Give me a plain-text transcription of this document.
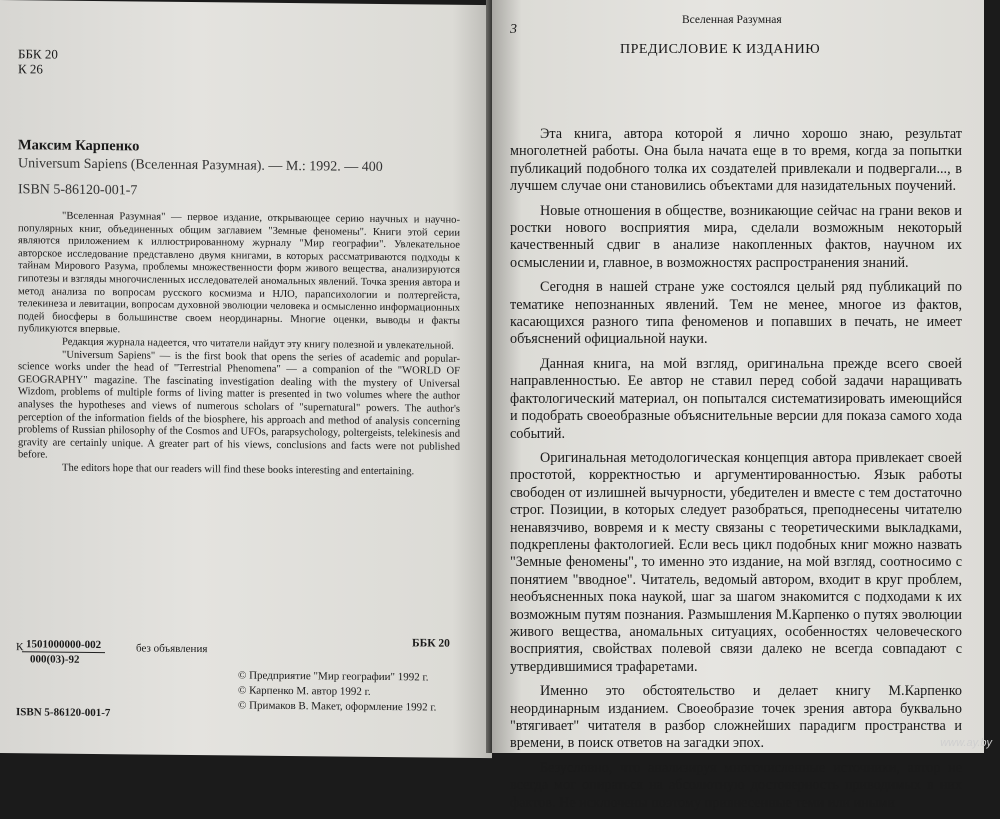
ББК 20
К 26
Максим Карпенко
Universum Sapiens (Вселенная Разумная). — М.: 1992. — 400
ISBN 5-86120-001-7

"Вселенная Разумная" — первое издание, открывающее серию научных и научно-популярных книг, объединенных общим заглавием "Земные феномены". Книги этой серии являются приложением к иллюстрированному журналу "Мир географии". Увлекательное авторское исследование представлено двумя книгами, в которых рассматриваются подходы к тайнам Мирового Разума, проблемы множественности форм живого вещества, анализируются гипотезы и взгляды многочисленных исследователей аномальных явлений. Точка зрения автора и метод анализа по вопросам русского космизма и НЛО, парапсихологии и полтергейста, телекинеза и левитации, вопросам духовной эволюции человека и осмысленно информационных подей биосферы в большинстве своем неординарны. Многие оценки, выводы и факты публикуются впервые.

Редакция журнала надеется, что читатели найдут эту книгу полезной и увлекательной.

"Universum Sapiens" — is the first book that opens the series of academic and popular-science works under the head of "Terrestrial Phenomena" — a companion of the "WORLD OF GEOGRAPHY" magazine. The fascinating investigation dealing with the mystery of Universal Wizdom, problems of multiple forms of living matter is presented in two volumes where the author analyses the hypotheses and views of numerous scholars of "supernatural" powers. The author's perception of the information fields of the biosphere, his approach and method of analysis concerning problems of Russian philosophy of the Cosmos and UFOs, parapsychology, poltergeists, telekinesis and gravity are certainly unique. A greater part of his views, conclusions and facts were not published before.

The editors hope that our readers will find these books interesting and entertaining.

ББК 20
К
$\frac{1501000000-002}{000(03)-92}$	без объявления
© Предприятие "Мир географии" 1992 г.
© Карпенко М. автор 1992 г.
© Примаков В. Макет, оформление 1992 г.
ISBN 5-86120-001-7
3
Вселенная Разумная
ПРЕДИСЛОВИЕ К ИЗДАНИЮ

Эта книга, автора которой я лично хорошо знаю, результат многолетней работы. Она была начата еще в то время, когда за попытки публикаций подобного толка их создателей привлекали и подвергали..., в лучшем случае они становились объектами для назидательных поучений.

Новые отношения в обществе, возникающие сейчас на грани веков и ростки нового восприятия мира, сделали возможным некоторый качественный сдвиг в анализе накопленных фактов, научном их осмыслении и, главное, в возможностях распространения знаний.

Сегодня в нашей стране уже состоялся целый ряд публикаций по тематике непознанных явлений. Тем не менее, многое из фактов, касающихся разного типа феноменов и попавших в печать, не имеет объяснений официальной науки.

Данная книга, на мой взгляд, оригинальна прежде всего своей направленностью. Ее автор не ставил перед собой задачи наращивать фактологический материал, он попытался систематизировать имеющийся и подобрать своеобразные объяснительные версии для показа самого хода событий.

Оригинальная методологическая концепция автора привлекает своей простотой, корректностью и аргументированностью. Язык работы свободен от излишней вычурности, убедителен и вместе с тем достаточно строг. Позиции, в которых следует разобраться, преподнесены читателю ненавязчиво, вовремя и к месту связаны с теоретическими выкладками, подкреплены фактологией. Если весь цикл подобных книг можно назвать "Земные феномены", то именно это издание, на мой взгляд, соотносимо с понятием "вводное". Читатель, ведомый автором, входит в круг проблем, необъясненных пока наукой, шаг за шагом знакомится с подходами к их возможным путям познания. Размышления М.Карпенко о путях эволюции живого вещества, аномальных ситуациях, особенностях человеческого восприятия, свойствах полевой связи далеко не всегда совпадают с утвердившимися трафаретами.

Именно это обстоятельство и делает книгу М.Карпенко неординарным изданием. Своеобразие точек зрения автора буквально "втягивает" читателя в разбор сложнейших парадигм пространства и времени, в поиск ответов на загадки эпох.

Безусловно, что анализируя многочисленные источники, автор не всегда мог опираться на абсолютную достоверность приводимых в них фактов. Не исключены поэтому привнесенные теми или иными

www.ay.by
